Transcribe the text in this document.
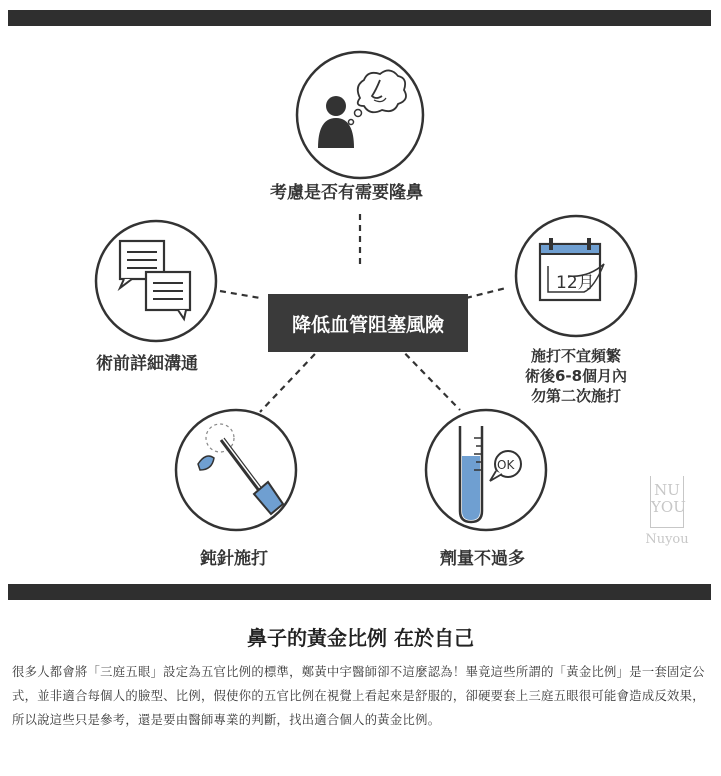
12月
OK
考慮是否有需要隆鼻
降低血管阻塞風險
術前詳細溝通	施打不宜頻繁
術後6-8個月內
勿第二次施打
鈍針施打	劑量不過多
NU
YOU
Nuyou
鼻子的黃金比例 在於自己
很多人都會將「三庭五眼」設定為五官比例的標準，鄭黃中宇醫師卻不這麼認為！畢竟這些所謂的「黃金比例」是一套固定公式，並非適合每個人的臉型、比例，假使你的五官比例在視覺上看起來是舒服的，卻硬要套上三庭五眼很可能會造成反效果，所以說這些只是參考，還是要由醫師專業的判斷，找出適合個人的黃金比例。
